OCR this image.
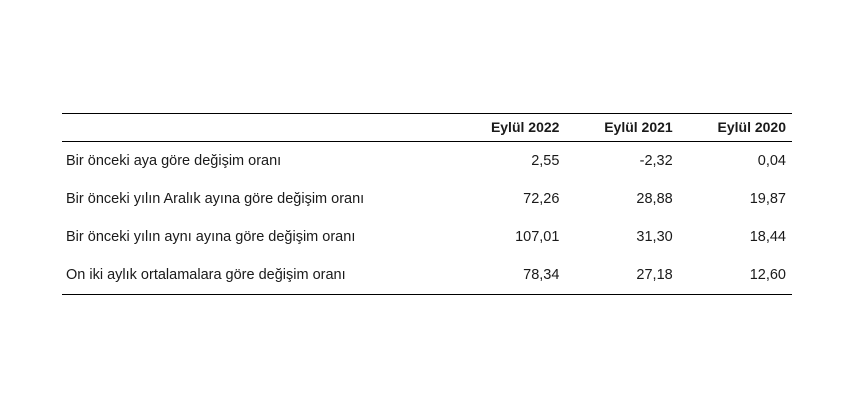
	Eylül 2022	Eylül 2021	Eylül 2020
Bir önceki aya göre değişim oranı	2,55	-2,32	0,04
Bir önceki yılın Aralık ayına göre değişim oranı	72,26	28,88	19,87
Bir önceki yılın aynı ayına göre değişim oranı	107,01	31,30	18,44
On iki aylık ortalamalara göre değişim oranı	78,34	27,18	12,60
